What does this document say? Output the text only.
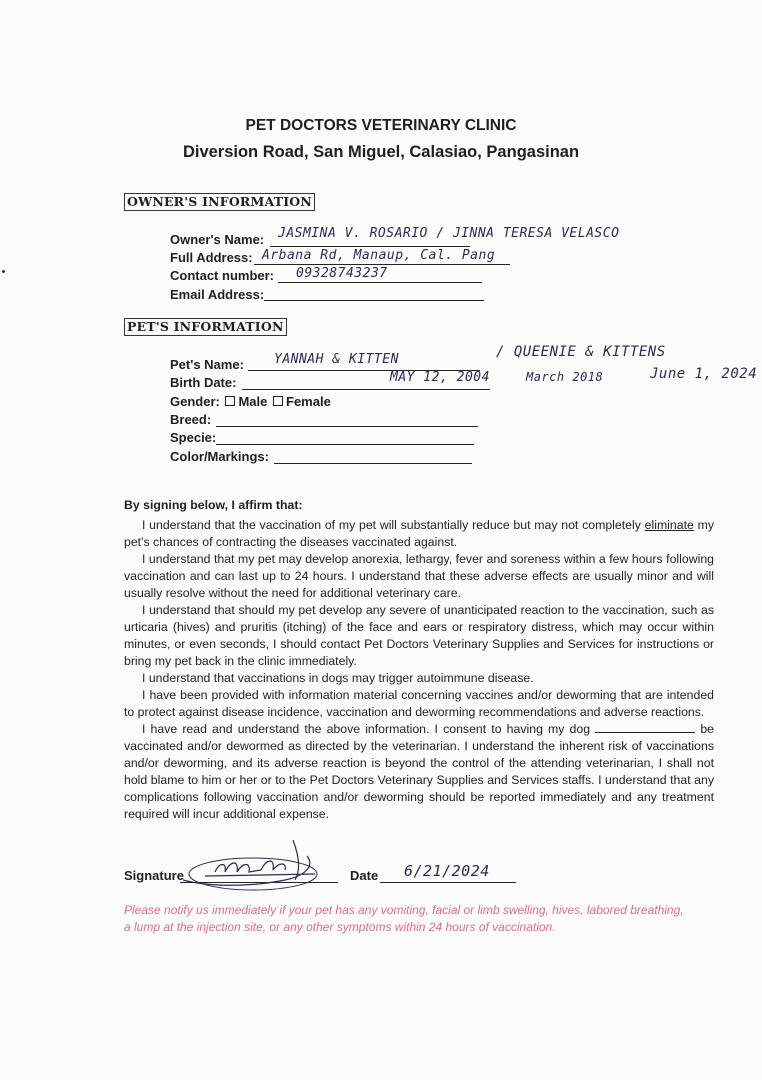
PET DOCTORS VETERINARY CLINIC
Diversion Road, San Miguel, Calasiao, Pangasinan
OWNER'S INFORMATION
Owner's Name: JASMINA V. ROSARIO / JINNA TERESA VELASCO
Full Address: Arbana Rd, Manaup, Cal. Pang
Contact number: 09328743237
Email Address:
PET'S INFORMATION
Pet's Name: YANNAH & KITTEN	/ QUEENIE & KITTENS
Birth Date:	MAY 12, 2004	March 2018	June 1, 2024
Gender: Male Female
Breed:
Specie:
Color/Markings:

By signing below, I affirm that:

I understand that the vaccination of my pet will substantially reduce but may not completely eliminate my pet's chances of contracting the diseases vaccinated against.

I understand that my pet may develop anorexia, lethargy, fever and soreness within a few hours following vaccination and can last up to 24 hours. I understand that these adverse effects are usually minor and will usually resolve without the need for additional veterinary care.

I understand that should my pet develop any severe of unanticipated reaction to the vaccination, such as urticaria (hives) and pruritis (itching) of the face and ears or respiratory distress, which may occur within minutes, or even seconds, I should contact Pet Doctors Veterinary Supplies and Services for instructions or bring my pet back in the clinic immediately.

I understand that vaccinations in dogs may trigger autoimmune disease.

I have been provided with information material concerning vaccines and/or deworming that are intended to protect against disease incidence, vaccination and deworming recommendations and adverse reactions.

I have read and understand the above information. I consent to having my dog	be vaccinated and/or dewormed as directed by the veterinarian. I understand the inherent risk of vaccinations and/or deworming, and its adverse reaction is beyond the control of the attending veterinarian, I shall not hold blame to him or her or to the Pet Doctors Veterinary Supplies and Services staffs. I understand that any complications following vaccination and/or deworming should be reported immediately and any treatment required will incur additional expense.

Signature	Date 6/21/2024
Please notify us immediately if your pet has any vomiting, facial or limb swelling, hives, labored breathing, a lump at the injection site, or any other symptoms within 24 hours of vaccination.
